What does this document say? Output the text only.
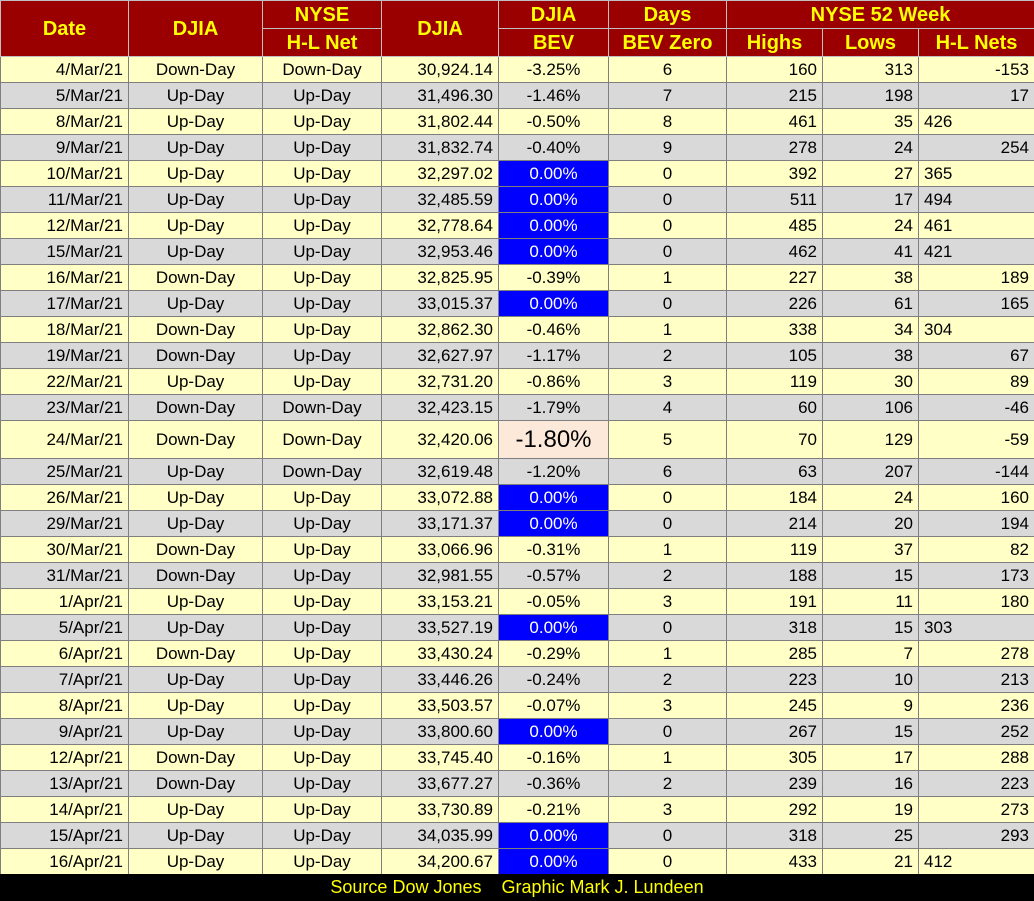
Date	DJIA	NYSE	DJIA	DJIA	Days	NYSE 52 Week		
		H-L Net		BEV	BEV Zero	Highs	Lows	H-L Nets
4/Mar/21	Down-Day	Down-Day	30,924.14	-3.25%	6	160	313	-153
5/Mar/21	Up-Day	Up-Day	31,496.30	-1.46%	7	215	198	17
8/Mar/21	Up-Day	Up-Day	31,802.44	-0.50%	8	461	35	426
9/Mar/21	Up-Day	Up-Day	31,832.74	-0.40%	9	278	24	254
10/Mar/21	Up-Day	Up-Day	32,297.02	0.00%	0	392	27	365
11/Mar/21	Up-Day	Up-Day	32,485.59	0.00%	0	511	17	494
12/Mar/21	Up-Day	Up-Day	32,778.64	0.00%	0	485	24	461
15/Mar/21	Up-Day	Up-Day	32,953.46	0.00%	0	462	41	421
16/Mar/21	Down-Day	Up-Day	32,825.95	-0.39%	1	227	38	189
17/Mar/21	Up-Day	Up-Day	33,015.37	0.00%	0	226	61	165
18/Mar/21	Down-Day	Up-Day	32,862.30	-0.46%	1	338	34	304
19/Mar/21	Down-Day	Up-Day	32,627.97	-1.17%	2	105	38	67
22/Mar/21	Up-Day	Up-Day	32,731.20	-0.86%	3	119	30	89
23/Mar/21	Down-Day	Down-Day	32,423.15	-1.79%	4	60	106	-46
24/Mar/21	Down-Day	Down-Day	32,420.06	-1.80%	5	70	129	-59
25/Mar/21	Up-Day	Down-Day	32,619.48	-1.20%	6	63	207	-144
26/Mar/21	Up-Day	Up-Day	33,072.88	0.00%	0	184	24	160
29/Mar/21	Up-Day	Up-Day	33,171.37	0.00%	0	214	20	194
30/Mar/21	Down-Day	Up-Day	33,066.96	-0.31%	1	119	37	82
31/Mar/21	Down-Day	Up-Day	32,981.55	-0.57%	2	188	15	173
1/Apr/21	Up-Day	Up-Day	33,153.21	-0.05%	3	191	11	180
5/Apr/21	Up-Day	Up-Day	33,527.19	0.00%	0	318	15	303
6/Apr/21	Down-Day	Up-Day	33,430.24	-0.29%	1	285	7	278
7/Apr/21	Up-Day	Up-Day	33,446.26	-0.24%	2	223	10	213
8/Apr/21	Up-Day	Up-Day	33,503.57	-0.07%	3	245	9	236
9/Apr/21	Up-Day	Up-Day	33,800.60	0.00%	0	267	15	252
12/Apr/21	Down-Day	Up-Day	33,745.40	-0.16%	1	305	17	288
13/Apr/21	Down-Day	Up-Day	33,677.27	-0.36%	2	239	16	223
14/Apr/21	Up-Day	Up-Day	33,730.89	-0.21%	3	292	19	273
15/Apr/21	Up-Day	Up-Day	34,035.99	0.00%	0	318	25	293
16/Apr/21	Up-Day	Up-Day	34,200.67	0.00%	0	433	21	412
Source Dow Jones Graphic Mark J. Lundeen
